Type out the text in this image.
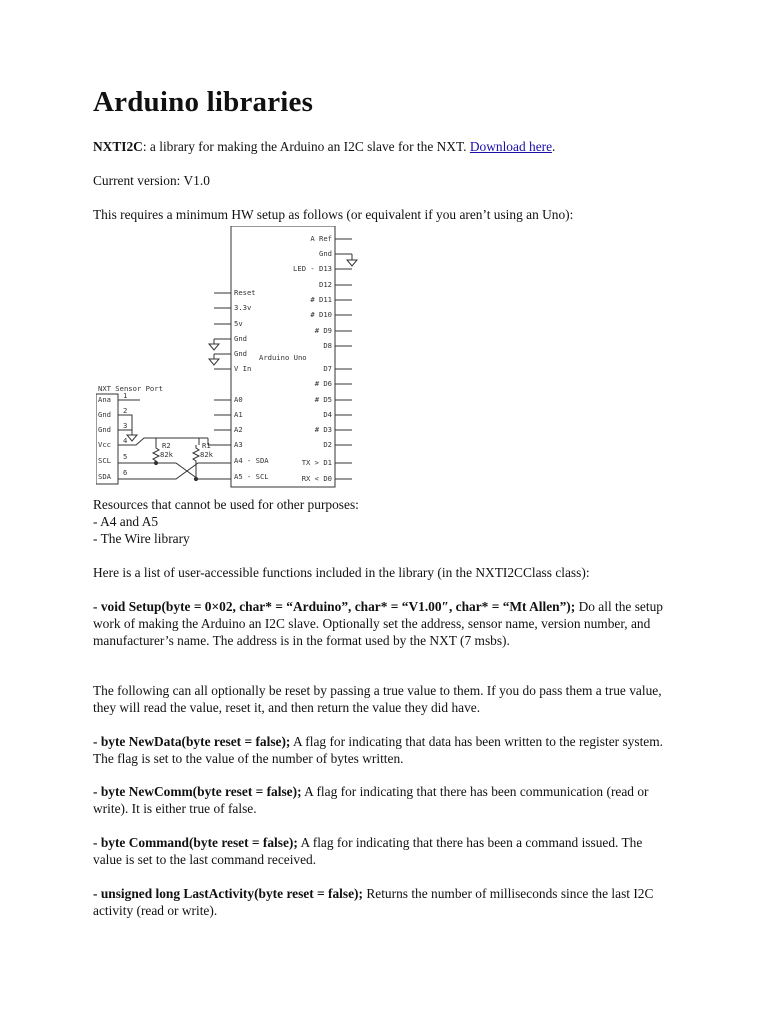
Arduino libraries

NXTI2C: a library for making the Arduino an I2C slave for the NXT. Download here.

Current version: V1.0

This requires a minimum HW setup as follows (or equivalent if you aren’t using an Uno):

Resources that cannot be used for other purposes:

- A4 and A5

- The Wire library

Here is a list of user-accessible functions included in the library (in the NXTI2CClass class):

- void Setup(byte = 0×02, char* = “Arduino”, char* = “V1.00″, char* = “Mt Allen”); Do all the setup work of making the Arduino an I2C slave. Optionally set the address, sensor name, version number, and manufacturer’s name. The address is in the format used by the NXT (7 msbs).

The following can all optionally be reset by passing a true value to them. If you do pass them a true value, they will read the value, reset it, and then return the value they did have.

- byte NewData(byte reset = false); A flag for indicating that data has been written to the register system. The flag is set to the value of the number of bytes written.

- byte NewComm(byte reset = false); A flag for indicating that there has been communication (read or write). It is either true of false.

- byte Command(byte reset = false); A flag for indicating that there has been a command issued. The value is set to the last command received.

- unsigned long LastActivity(byte reset = false); Returns the number of milliseconds since the last I2C activity (read or write).

Arduino Uno
Reset
3.3v
5v
Gnd
Gnd
V In
A0
A1
A2
A3
A4 - SDA
A5 - SCL
A Ref
Gnd
LED - D13
D12
# D11
# D10
# D9
D8
D7
# D6
# D5
D4
# D3
D2
TX > D1
RX < D0
NXT Sensor Port
Ana
Gnd
Gnd
Vcc
SCL
SDA
1
2
3
4
5
6
R2
82k
R1
82k
